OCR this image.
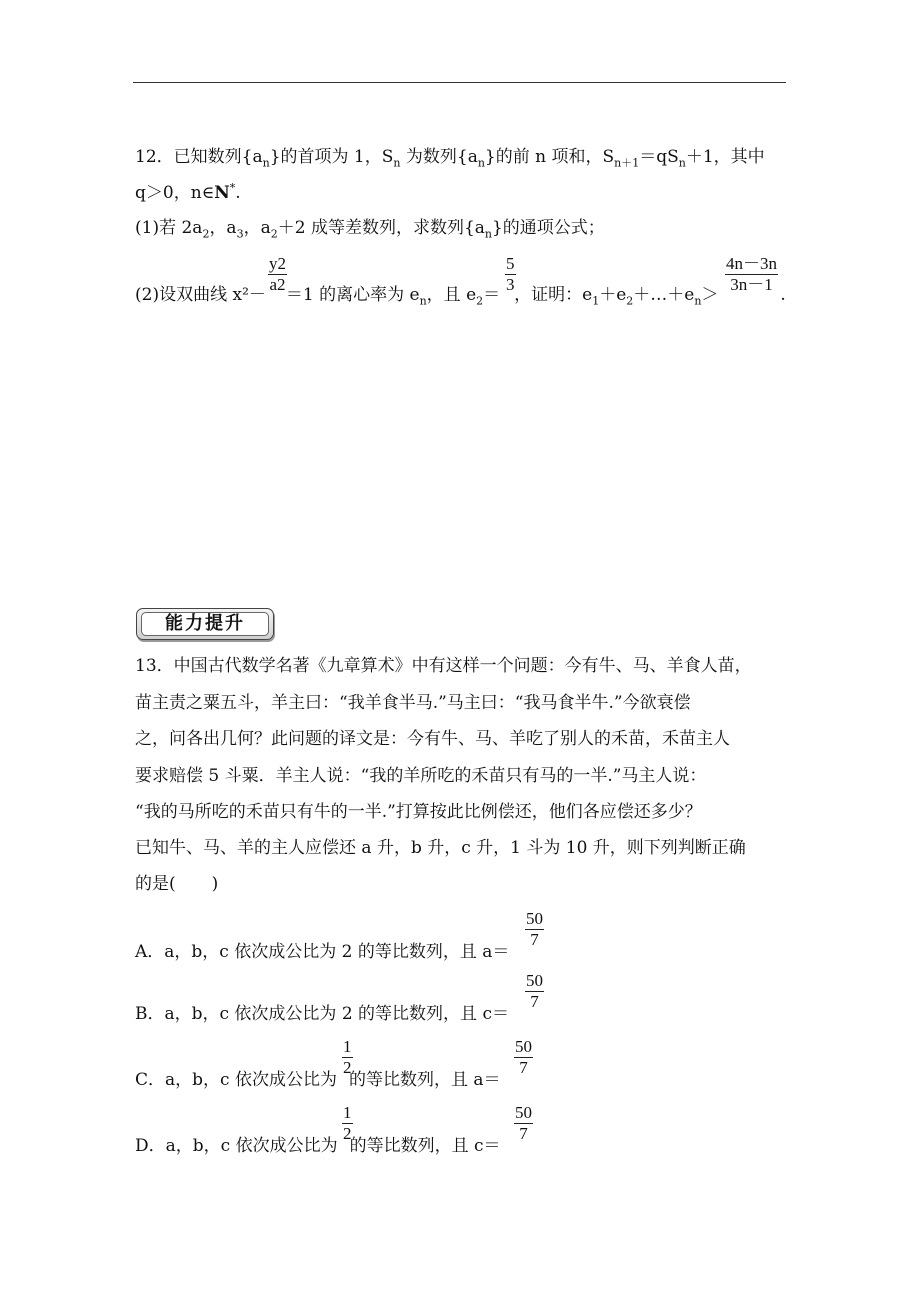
12．已知数列$\{a_n\}$的首项为 1，$S_n$ 为数列$\{a_n\}$的前 n 项和，$S_{n+1}=qS_n+1$，其中
q＞0，n∈N*.
(1)若 $2a_2$，$a_3$，$a_2+2$ 成等差数列，求数列$\{a_n\}$的通项公式；
(2)设双曲线 x²－ ＝1 的离心率为 $e_n$，且 $e_2=$ ，证明：$e_1+e_2+\dots+e_n>$	.
$\frac{y2}{a2}$	$\frac{5}{3}$	$\frac{4n-3n}{3n-1}$
能力提升
13．中国古代数学名著《九章算术》中有这样一个问题：今有牛、马、羊食人苗，
苗主责之粟五斗，羊主曰：“我羊食半马.”马主曰：“我马食半牛.”今欲衰偿
之，问各出几何？此问题的译文是：今有牛、马、羊吃了别人的禾苗，禾苗主人
要求赔偿 5 斗粟．羊主人说：“我的羊所吃的禾苗只有马的一半.”马主人说：
“我的马所吃的禾苗只有牛的一半.”打算按此比例偿还，他们各应偿还多少？
已知牛、马、羊的主人应偿还 a 升，b 升，c 升，1 斗为 10 升，则下列判断正确
的是( )
A．a，b，c 依次成公比为 2 的等比数列，且 a＝
$\frac{50}{7}$
B．a，b，c 依次成公比为 2 的等比数列，且 c＝
$\frac{50}{7}$
C．a，b，c 依次成公比为 的等比数列，且 a＝
$\frac{1}{2}$	$\frac{50}{7}$
D．a，b，c 依次成公比为 的等比数列，且 c＝
$\frac{1}{2}$	$\frac{50}{7}$
